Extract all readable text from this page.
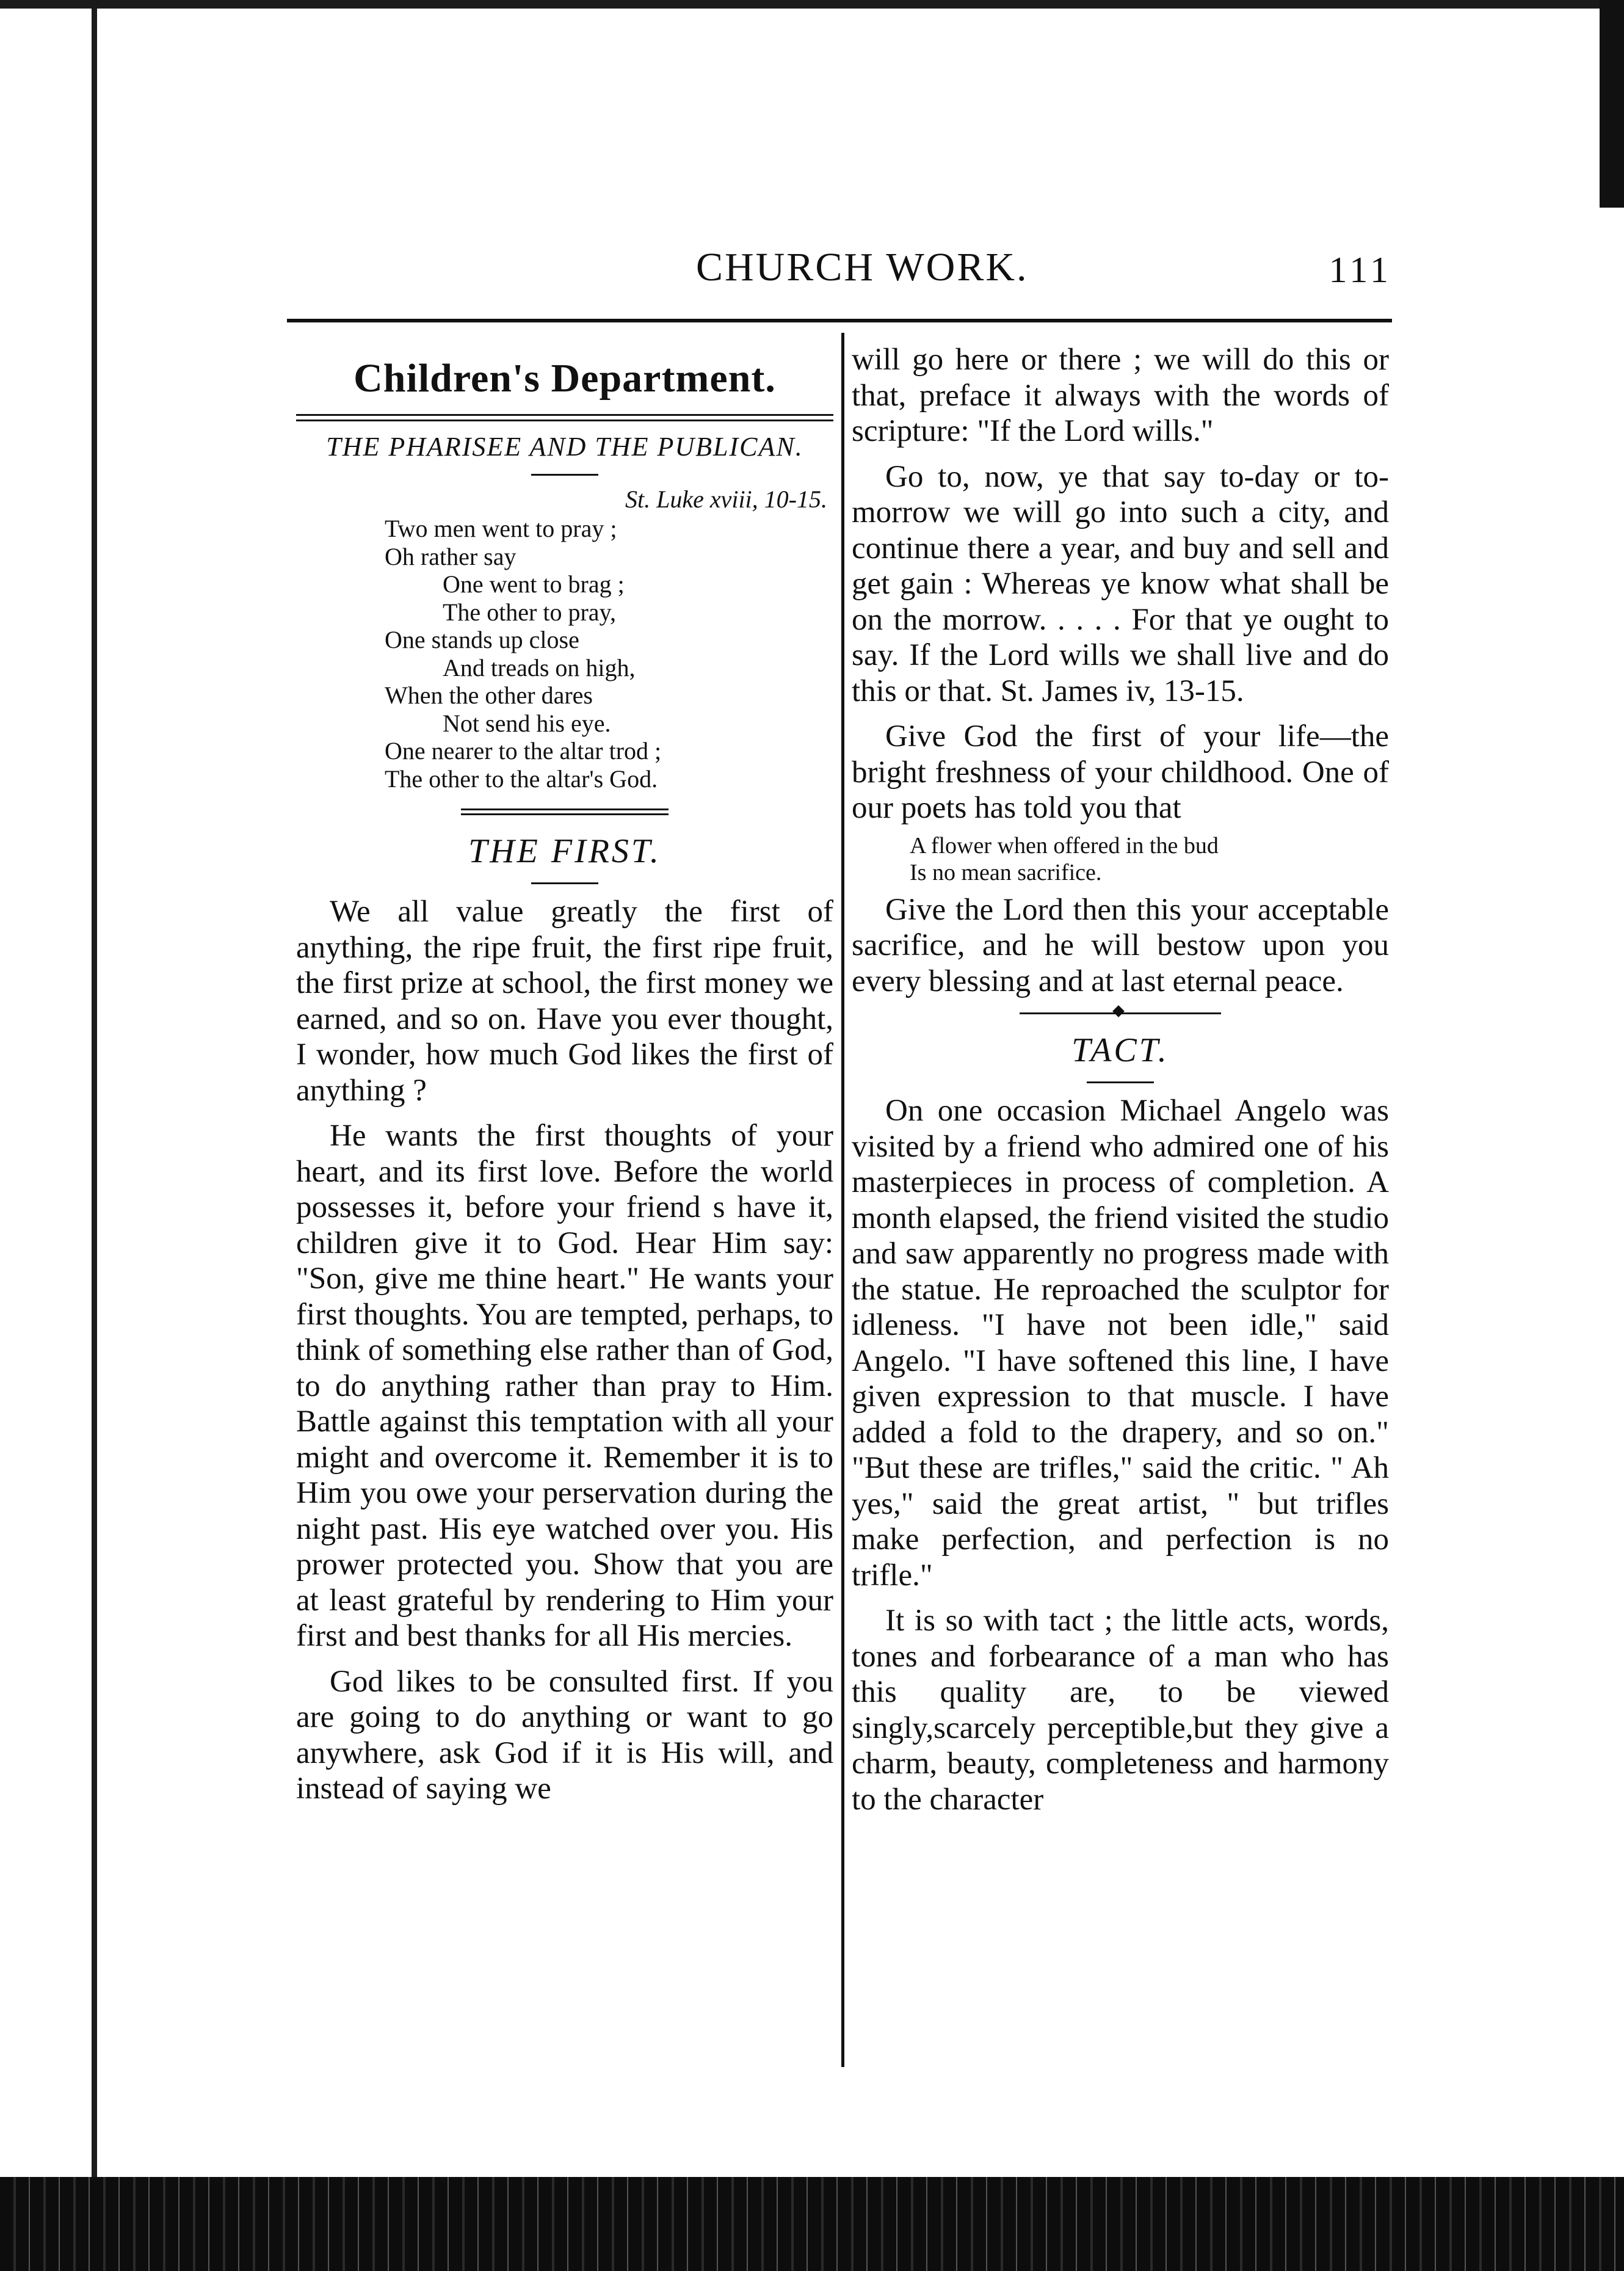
CHURCH WORK.	111
Children's Department.
THE PHARISEE AND THE PUBLICAN.
St. Luke xviii, 10-15.
Two men went to pray ;
Oh rather say
One went to brag ;
The other to pray,
One stands up close
And treads on high,
When the other dares
Not send his eye.
One nearer to the altar trod ;
The other to the altar's God.
THE FIRST.

We all value greatly the first of anything, the ripe fruit, the first ripe fruit, the first prize at school, the first money we earned, and so on. Have you ever thought, I wonder, how much God likes the first of anything ?

He wants the first thoughts of your heart, and its first love. Before the world possesses it, before your friend s have it, children give it to God. Hear Him say: "Son, give me thine heart." He wants your first thoughts. You are tempted, perhaps, to think of something else rather than of God, to do anything rather than pray to Him. Battle against this temptation with all your might and overcome it. Remember it is to Him you owe your perservation during the night past. His eye watched over you. His prower protected you. Show that you are at least grateful by rendering to Him your first and best thanks for all His mercies.

God likes to be consulted first. If you are going to do anything or want to go anywhere, ask God if it is His will, and instead of saying we

will go here or there ; we will do this or that, preface it always with the words of scripture: "If the Lord wills."

Go to, now, ye that say to-day or to-morrow we will go into such a city, and continue there a year, and buy and sell and get gain : Whereas ye know what shall be on the morrow. . . . . For that ye ought to say. If the Lord wills we shall live and do this or that. St. James iv, 13-15.

Give God the first of your life—the bright freshness of your childhood. One of our poets has told you that

A flower when offered in the bud
Is no mean sacrifice.

Give the Lord then this your acceptable sacrifice, and he will bestow upon you every blessing and at last eternal peace.

TACT.

On one occasion Michael Angelo was visited by a friend who admired one of his masterpieces in process of completion. A month elapsed, the friend visited the studio and saw apparently no progress made with the statue. He reproached the sculptor for idleness. "I have not been idle," said Angelo. "I have softened this line, I have given expression to that muscle. I have added a fold to the drapery, and so on." "But these are trifles," said the critic. " Ah yes," said the great artist, " but trifles make perfection, and perfection is no trifle."

It is so with tact ; the little acts, words, tones and forbearance of a man who has this quality are, to be viewed singly,scarcely perceptible,but they give a charm, beauty, completeness and harmony to the character
